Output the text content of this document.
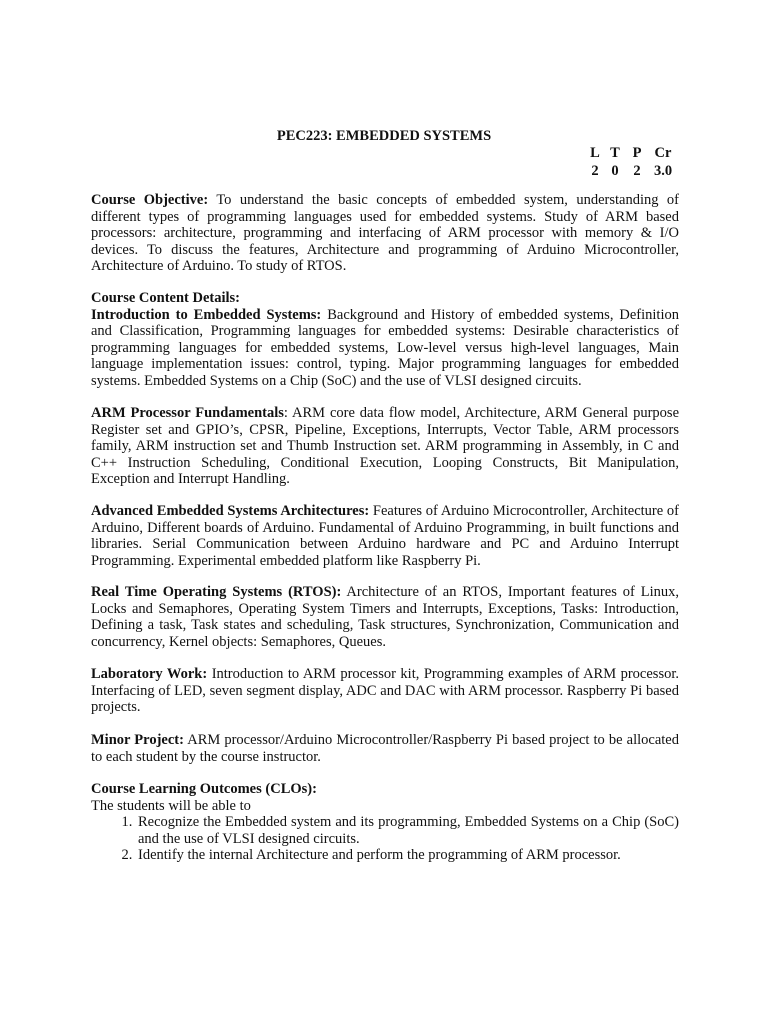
PEC223: EMBEDDED SYSTEMS
L T P Cr
2 0	2 3.0
Course Objective: To understand the basic concepts of embedded system, understanding of different types of programming languages used for embedded systems. Study of ARM based processors: architecture, programming and interfacing of ARM processor with memory & I/O devices. To discuss the features, Architecture and programming of Arduino Microcontroller, Architecture of Arduino. To study of RTOS.
Course Content Details:
Introduction to Embedded Systems: Background and History of embedded systems, Definition and Classification, Programming languages for embedded systems: Desirable characteristics of programming languages for embedded systems, Low-level versus high-level languages, Main language implementation issues: control, typing. Major programming languages for embedded systems. Embedded Systems on a Chip (SoC) and the use of VLSI designed circuits.
ARM Processor Fundamentals: ARM core data flow model, Architecture, ARM General purpose Register set and GPIO’s, CPSR, Pipeline, Exceptions, Interrupts, Vector Table, ARM processors family, ARM instruction set and Thumb Instruction set. ARM programming in Assembly, in C and C++ Instruction Scheduling, Conditional Execution, Looping Constructs, Bit Manipulation, Exception and Interrupt Handling.
Advanced Embedded Systems Architectures: Features of Arduino Microcontroller, Architecture of Arduino, Different boards of Arduino. Fundamental of Arduino Programming, in built functions and libraries. Serial Communication between Arduino hardware and PC and Arduino Interrupt Programming. Experimental embedded platform like Raspberry Pi.
Real Time Operating Systems (RTOS): Architecture of an RTOS, Important features of Linux, Locks and Semaphores, Operating System Timers and Interrupts, Exceptions, Tasks: Introduction, Defining a task, Task states and scheduling, Task structures, Synchronization, Communication and concurrency, Kernel objects: Semaphores, Queues.
Laboratory Work: Introduction to ARM processor kit, Programming examples of ARM processor. Interfacing of LED, seven segment display, ADC and DAC with ARM processor. Raspberry Pi based projects.
Minor Project: ARM processor/Arduino Microcontroller/Raspberry Pi based project to be allocated to each student by the course instructor.
Course Learning Outcomes (CLOs):
The students will be able to
1. Recognize the Embedded system and its programming, Embedded Systems on a Chip (SoC) and the use of VLSI designed circuits.
2. Identify the internal Architecture and perform the programming of ARM processor.
